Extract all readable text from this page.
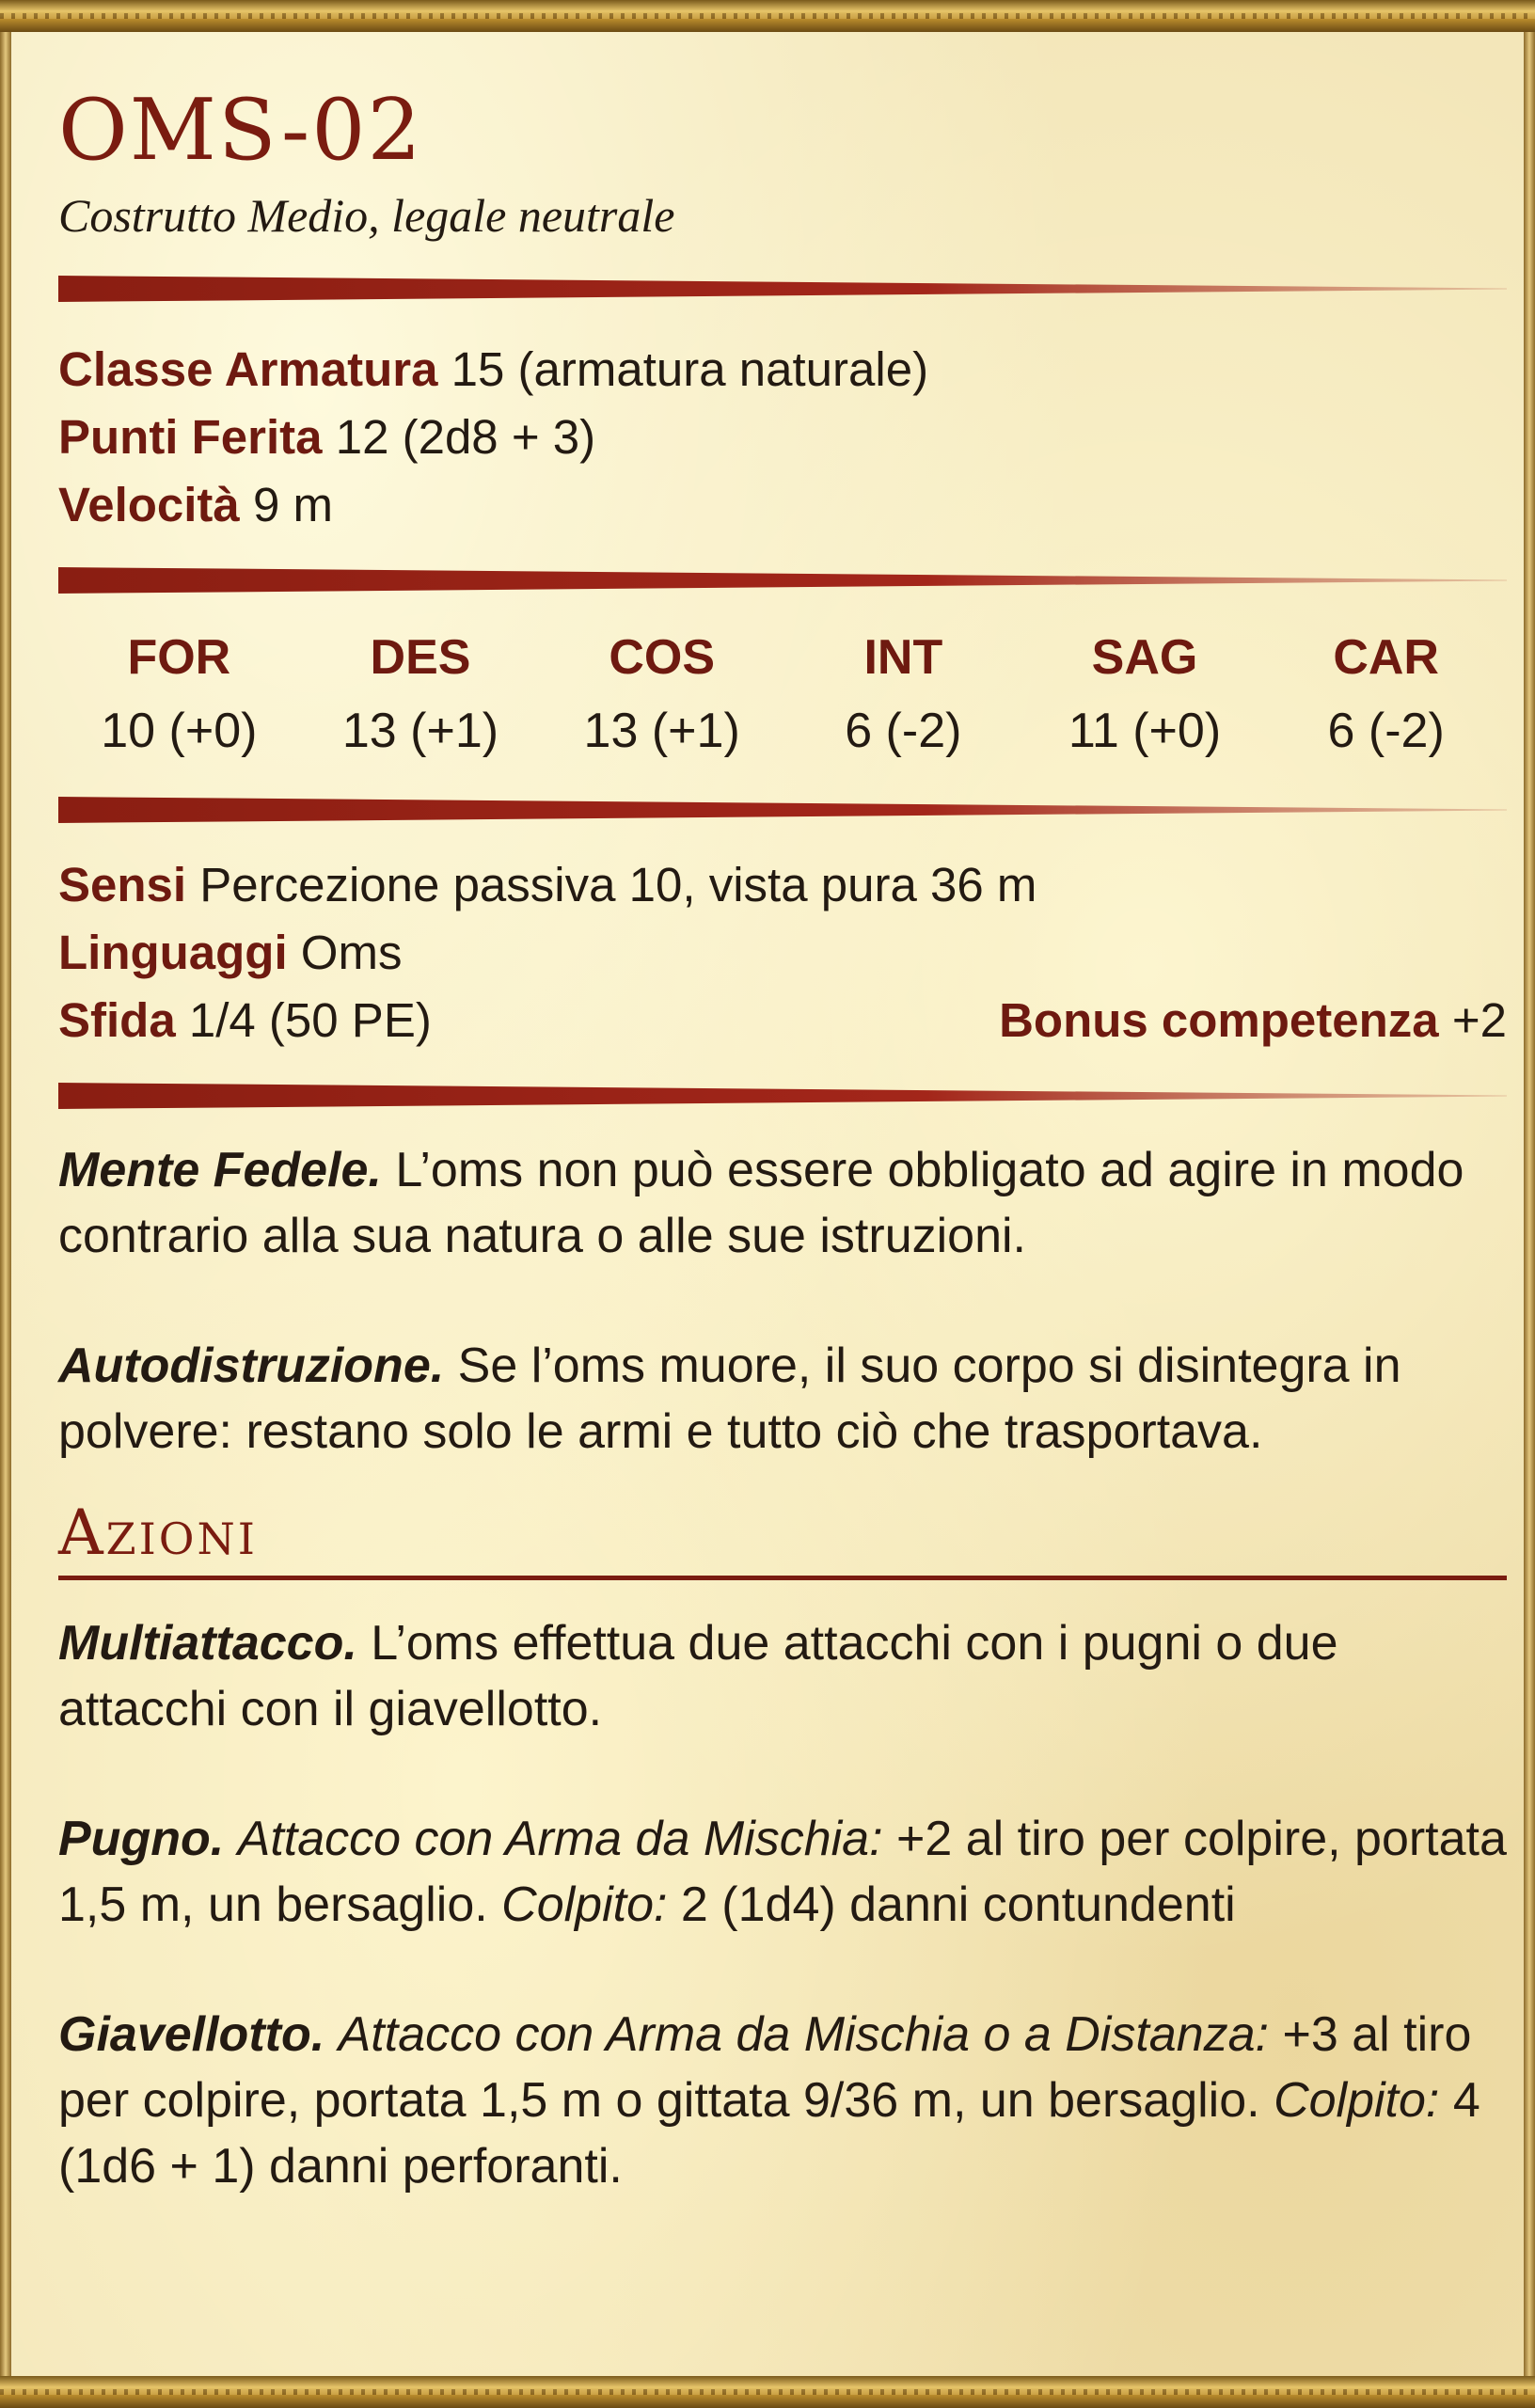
OMS-02
Costrutto Medio, legale neutrale
Classe Armatura 15 (armatura naturale)
Punti Ferita 12 (2d8 + 3)
Velocità 9 m
FOR
10 (+0)
DES
13 (+1)
COS
13 (+1)
INT
6 (-2)
SAG
11 (+0)
CAR
6 (-2)
Sensi Percezione passiva 10, vista pura 36 m
Linguaggi Oms
Sfida 1/4 (50 PE)	Bonus competenza +2

Mente Fedele. L’oms non può essere obbligato ad agire in modo contrario alla sua natura o alle sue istruzioni.

Autodistruzione. Se l’oms muore, il suo corpo si disintegra in polvere: restano solo le armi e tutto ciò che trasportava.

Azioni

Multiattacco. L’oms effettua due attacchi con i pugni o due attacchi con il giavellotto.

Pugno. Attacco con Arma da Mischia: +2 al tiro per colpire, portata 1,5 m, un bersaglio. Colpito: 2 (1d4) danni contundenti

Giavellotto. Attacco con Arma da Mischia o a Distanza: +3 al tiro per colpire, portata 1,5 m o gittata 9/36 m, un bersaglio. Colpito: 4 (1d6 + 1) danni perforanti.
